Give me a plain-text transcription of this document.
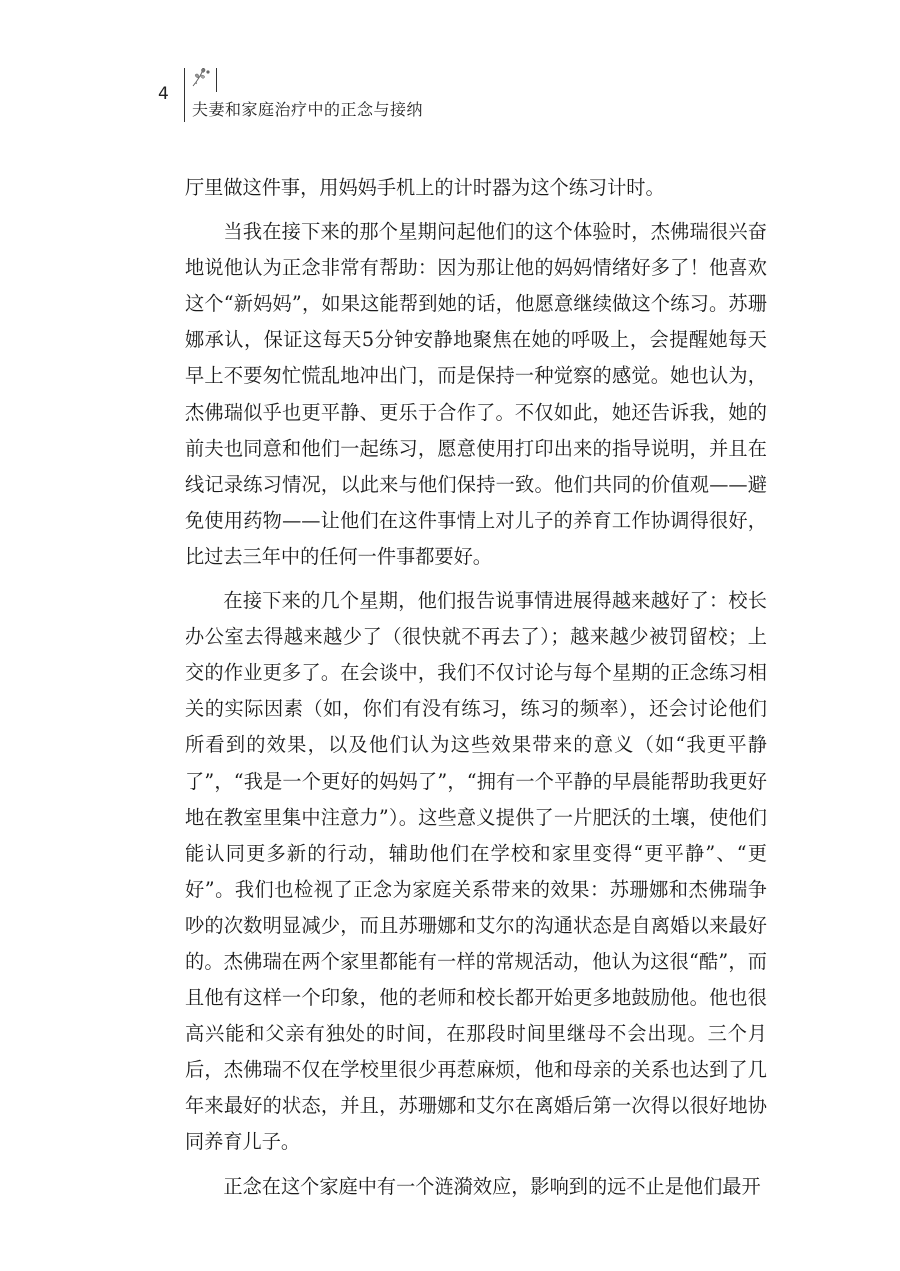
4
夫妻和家庭治疗中的正念与接纳

厅里做这件事，用妈妈手机上的计时器为这个练习计时。

当我在接下来的那个星期问起他们的这个体验时，杰佛瑞很兴奋地说他认为正念非常有帮助：因为那让他的妈妈情绪好多了！他喜欢这个“新妈妈”，如果这能帮到她的话，他愿意继续做这个练习。苏珊娜承认，保证这每天5分钟安静地聚焦在她的呼吸上，会提醒她每天早上不要匆忙慌乱地冲出门，而是保持一种觉察的感觉。她也认为，杰佛瑞似乎也更平静、更乐于合作了。不仅如此，她还告诉我，她的前夫也同意和他们一起练习，愿意使用打印出来的指导说明，并且在线记录练习情况，以此来与他们保持一致。他们共同的价值观——避免使用药物——让他们在这件事情上对儿子的养育工作协调得很好，比过去三年中的任何一件事都要好。

在接下来的几个星期，他们报告说事情进展得越来越好了：校长办公室去得越来越少了（很快就不再去了）；越来越少被罚留校；上交的作业更多了。在会谈中，我们不仅讨论与每个星期的正念练习相关的实际因素（如，你们有没有练习，练习的频率），还会讨论他们所看到的效果，以及他们认为这些效果带来的意义（如“我更平静了”，“我是一个更好的妈妈了”，“拥有一个平静的早晨能帮助我更好地在教室里集中注意力”）。这些意义提供了一片肥沃的土壤，使他们能认同更多新的行动，辅助他们在学校和家里变得“更平静”、“更好”。我们也检视了正念为家庭关系带来的效果：苏珊娜和杰佛瑞争吵的次数明显减少，而且苏珊娜和艾尔的沟通状态是自离婚以来最好的。杰佛瑞在两个家里都能有一样的常规活动，他认为这很“酷”，而且他有这样一个印象，他的老师和校长都开始更多地鼓励他。他也很高兴能和父亲有独处的时间，在那段时间里继母不会出现。三个月后，杰佛瑞不仅在学校里很少再惹麻烦，他和母亲的关系也达到了几年来最好的状态，并且，苏珊娜和艾尔在离婚后第一次得以很好地协同养育儿子。

正念在这个家庭中有一个涟漪效应，影响到的远不止是他们最开
